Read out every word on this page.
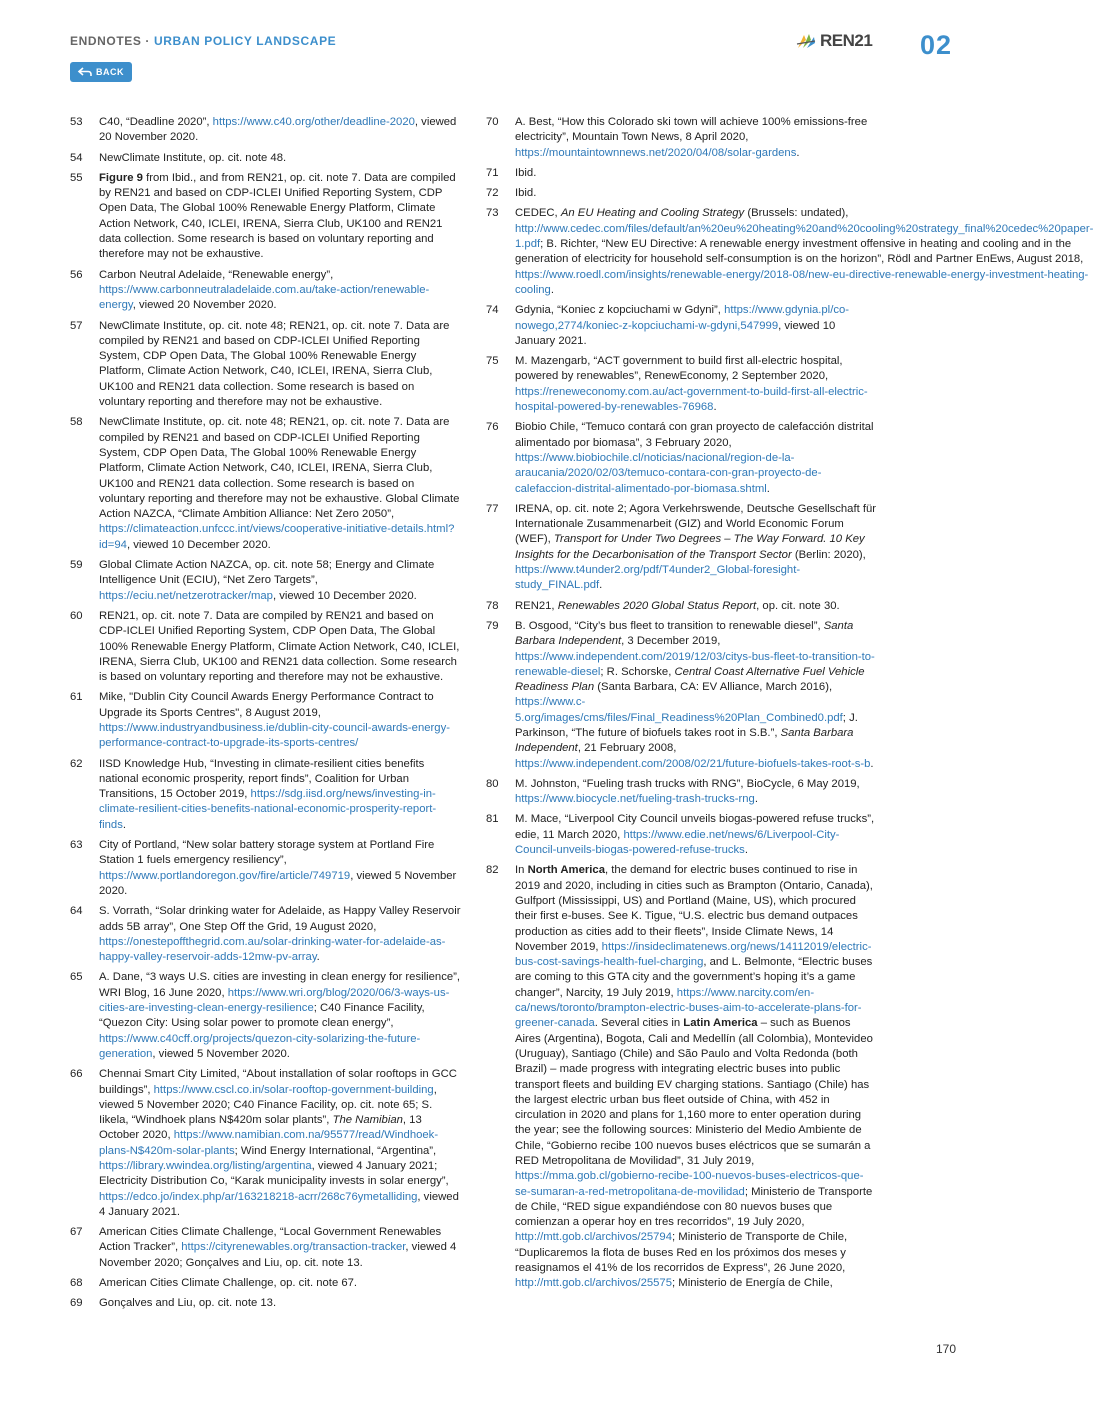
ENDNOTES · URBAN POLICY LANDSCAPE
BACK
REN21 02
53	C40, “Deadline 2020”, https://www.c40.org/other/deadline-2020, viewed 20 November 2020.
54	NewClimate Institute, op. cit. note 48.
55	Figure 9 from Ibid., and from REN21, op. cit. note 7. Data are compiled by REN21 and based on CDP-ICLEI Unified Reporting System, CDP Open Data, The Global 100% Renewable Energy Platform, Climate Action Network, C40, ICLEI, IRENA, Sierra Club, UK100 and REN21 data collection. Some research is based on voluntary reporting and therefore may not be exhaustive.
56	Carbon Neutral Adelaide, “Renewable energy”, https://www.carbonneutraladelaide.com.au/take-action/renewable-energy, viewed 20 November 2020.
57	NewClimate Institute, op. cit. note 48; REN21, op. cit. note 7. Data are compiled by REN21 and based on CDP-ICLEI Unified Reporting System, CDP Open Data, The Global 100% Renewable Energy Platform, Climate Action Network, C40, ICLEI, IRENA, Sierra Club, UK100 and REN21 data collection. Some research is based on voluntary reporting and therefore may not be exhaustive.
58	NewClimate Institute, op. cit. note 48; REN21, op. cit. note 7. Data are compiled by REN21 and based on CDP-ICLEI Unified Reporting System, CDP Open Data, The Global 100% Renewable Energy Platform, Climate Action Network, C40, ICLEI, IRENA, Sierra Club, UK100 and REN21 data collection. Some research is based on voluntary reporting and therefore may not be exhaustive. Global Climate Action NAZCA, “Climate Ambition Alliance: Net Zero 2050”, https://climateaction.unfccc.int/views/cooperative-initiative-details.html?id=94, viewed 10 December 2020.
59	Global Climate Action NAZCA, op. cit. note 58; Energy and Climate Intelligence Unit (ECIU), “Net Zero Targets”, https://eciu.net/netzerotracker/map, viewed 10 December 2020.
60	REN21, op. cit. note 7. Data are compiled by REN21 and based on CDP-ICLEI Unified Reporting System, CDP Open Data, The Global 100% Renewable Energy Platform, Climate Action Network, C40, ICLEI, IRENA, Sierra Club, UK100 and REN21 data collection. Some research is based on voluntary reporting and therefore may not be exhaustive.
61	Mike, "Dublin City Council Awards Energy Performance Contract to Upgrade its Sports Centres", 8 August 2019, https://www.industryandbusiness.ie/dublin-city-council-awards-energy-performance-contract-to-upgrade-its-sports-centres/
62	IISD Knowledge Hub, “Investing in climate-resilient cities benefits national economic prosperity, report finds”, Coalition for Urban Transitions, 15 October 2019, https://sdg.iisd.org/news/investing-in-climate-resilient-cities-benefits-national-economic-prosperity-report-finds.
63	City of Portland, “New solar battery storage system at Portland Fire Station 1 fuels emergency resiliency”, https://www.portlandoregon.gov/fire/article/749719, viewed 5 November 2020.
64	S. Vorrath, “Solar drinking water for Adelaide, as Happy Valley Reservoir adds 5B array”, One Step Off the Grid, 19 August 2020, https://onestepoffthegrid.com.au/solar-drinking-water-for-adelaide-as-happy-valley-reservoir-adds-12mw-pv-array.
65	A. Dane, “3 ways U.S. cities are investing in clean energy for resilience”, WRI Blog, 16 June 2020, https://www.wri.org/blog/2020/06/3-ways-us-cities-are-investing-clean-energy-resilience; C40 Finance Facility, “Quezon City: Using solar power to promote clean energy”, https://www.c40cff.org/projects/quezon-city-solarizing-the-future-generation, viewed 5 November 2020.
66	Chennai Smart City Limited, “About installation of solar rooftops in GCC buildings”, https://www.cscl.co.in/solar-rooftop-government-building, viewed 5 November 2020; C40 Finance Facility, op. cit. note 65; S. Iikela, “Windhoek plans N$420m solar plants”, The Namibian, 13 October 2020, https://www.namibian.com.na/95577/read/Windhoek-plans-N$420m-solar-plants; Wind Energy International, “Argentina”, https://library.wwindea.org/listing/argentina, viewed 4 January 2021; Electricity Distribution Co, “Karak municipality invests in solar energy”, https://edco.jo/index.php/ar/163218218-acrr/268c76ymetalliding, viewed 4 January 2021.
67	American Cities Climate Challenge, “Local Government Renewables Action Tracker”, https://cityrenewables.org/transaction-tracker, viewed 4 November 2020; Gonçalves and Liu, op. cit. note 13.
68	American Cities Climate Challenge, op. cit. note 67.
69	Gonçalves and Liu, op. cit. note 13.
70	A. Best, “How this Colorado ski town will achieve 100% emissions-free electricity”, Mountain Town News, 8 April 2020, https://mountaintownnews.net/2020/04/08/solar-gardens.
71	Ibid.
72	Ibid.
73	CEDEC, An EU Heating and Cooling Strategy (Brussels: undated), http://www.cedec.com/files/default/an%20eu%20heating%20and%20cooling%20strategy_final%20cedec%20paper-1.pdf; B. Richter, “New EU Directive: A renewable energy investment offensive in heating and cooling and in the generation of electricity for household self-consumption is on the horizon”, Rödl and Partner EnEws, August 2018, https://www.roedl.com/insights/renewable-energy/2018-08/new-eu-directive-renewable-energy-investment-heating-cooling.
74	Gdynia, “Koniec z kopciuchami w Gdyni”, https://www.gdynia.pl/co-nowego,2774/koniec-z-kopciuchami-w-gdyni,547999, viewed 10 January 2021.
75	M. Mazengarb, “ACT government to build first all-electric hospital, powered by renewables”, RenewEconomy, 2 September 2020, https://reneweconomy.com.au/act-government-to-build-first-all-electric-hospital-powered-by-renewables-76968.
76	Biobio Chile, “Temuco contará con gran proyecto de calefacción distrital alimentado por biomasa”, 3 February 2020, https://www.biobiochile.cl/noticias/nacional/region-de-la-araucania/2020/02/03/temuco-contara-con-gran-proyecto-de-calefaccion-distrital-alimentado-por-biomasa.shtml.
77	IRENA, op. cit. note 2; Agora Verkehrswende, Deutsche Gesellschaft für Internationale Zusammenarbeit (GIZ) and World Economic Forum (WEF), Transport for Under Two Degrees – The Way Forward. 10 Key Insights for the Decarbonisation of the Transport Sector (Berlin: 2020), https://www.t4under2.org/pdf/T4under2_Global-foresight-study_FINAL.pdf.
78	REN21, Renewables 2020 Global Status Report, op. cit. note 30.
79	B. Osgood, “City’s bus fleet to transition to renewable diesel”, Santa Barbara Independent, 3 December 2019, https://www.independent.com/2019/12/03/citys-bus-fleet-to-transition-to-renewable-diesel; R. Schorske, Central Coast Alternative Fuel Vehicle Readiness Plan (Santa Barbara, CA: EV Alliance, March 2016), https://www.c-5.org/images/cms/files/Final_Readiness%20Plan_Combined0.pdf; J. Parkinson, “The future of biofuels takes root in S.B.”, Santa Barbara Independent, 21 February 2008, https://www.independent.com/2008/02/21/future-biofuels-takes-root-s-b.
80	M. Johnston, “Fueling trash trucks with RNG”, BioCycle, 6 May 2019, https://www.biocycle.net/fueling-trash-trucks-rng.
81	M. Mace, “Liverpool City Council unveils biogas-powered refuse trucks”, edie, 11 March 2020, https://www.edie.net/news/6/Liverpool-City-Council-unveils-biogas-powered-refuse-trucks.
82	In North America, the demand for electric buses continued to rise in 2019 and 2020, including in cities such as Brampton (Ontario, Canada), Gulfport (Mississippi, US) and Portland (Maine, US), which procured their first e-buses. See K. Tigue, “U.S. electric bus demand outpaces production as cities add to their fleets”, Inside Climate News, 14 November 2019, https://insideclimatenews.org/news/14112019/electric-bus-cost-savings-health-fuel-charging, and L. Belmonte, “Electric buses are coming to this GTA city and the government’s hoping it’s a game changer”, Narcity, 19 July 2019, https://www.narcity.com/en-ca/news/toronto/brampton-electric-buses-aim-to-accelerate-plans-for-greener-canada. Several cities in Latin America – such as Buenos Aires (Argentina), Bogota, Cali and Medellín (all Colombia), Montevideo (Uruguay), Santiago (Chile) and São Paulo and Volta Redonda (both Brazil) – made progress with integrating electric buses into public transport fleets and building EV charging stations. Santiago (Chile) has the largest electric urban bus fleet outside of China, with 452 in circulation in 2020 and plans for 1,160 more to enter operation during the year; see the following sources: Ministerio del Medio Ambiente de Chile, “Gobierno recibe 100 nuevos buses eléctricos que se sumarán a RED Metropolitana de Movilidad”, 31 July 2019, https://mma.gob.cl/gobierno-recibe-100-nuevos-buses-electricos-que-se-sumaran-a-red-metropolitana-de-movilidad; Ministerio de Transporte de Chile, “RED sigue expandiéndose con 80 nuevos buses que comienzan a operar hoy en tres recorridos”, 19 July 2020, http://mtt.gob.cl/archivos/25794; Ministerio de Transporte de Chile, “Duplicaremos la flota de buses Red en los próximos dos meses y reasignamos el 41% de los recorridos de Express”, 26 June 2020, http://mtt.gob.cl/archivos/25575; Ministerio de Energía de Chile,
170
